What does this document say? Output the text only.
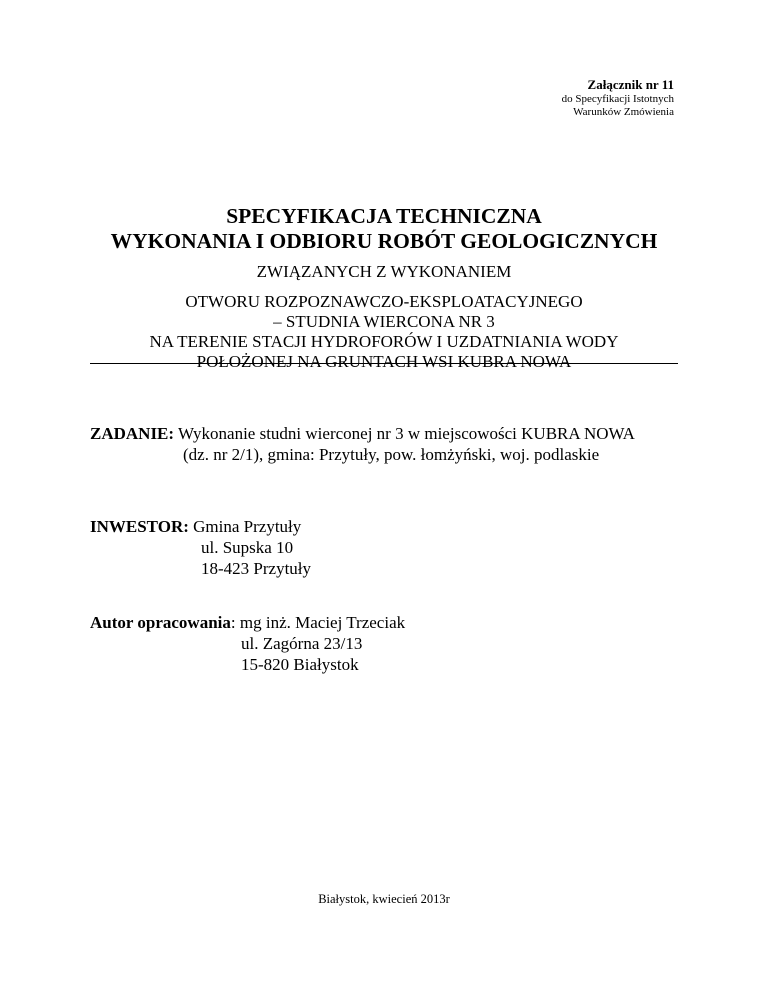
Załącznik nr 11
do Specyfikacji Istotnych
Warunków Zmówienia
SPECYFIKACJA TECHNICZNA
WYKONANIA I ODBIORU ROBÓT GEOLOGICZNYCH
ZWIĄZANYCH Z WYKONANIEM
OTWORU ROZPOZNAWCZO-EKSPLOATACYJNEGO
– STUDNIA WIERCONA NR 3
NA TERENIE STACJI HYDROFORÓW I UZDATNIANIA WODY
POŁOŻONEJ NA GRUNTACH WSI KUBRA NOWA
ZADANIE: Wykonanie studni wierconej nr 3 w miejscowości KUBRA NOWA
(dz. nr 2/1), gmina: Przytuły, pow. łomżyński, woj. podlaskie
INWESTOR: Gmina Przytuły
ul. Supska 10
18-423 Przytuły
Autor opracowania: mg inż. Maciej Trzeciak
ul. Zagórna 23/13
15-820 Białystok
Białystok, kwiecień 2013r
